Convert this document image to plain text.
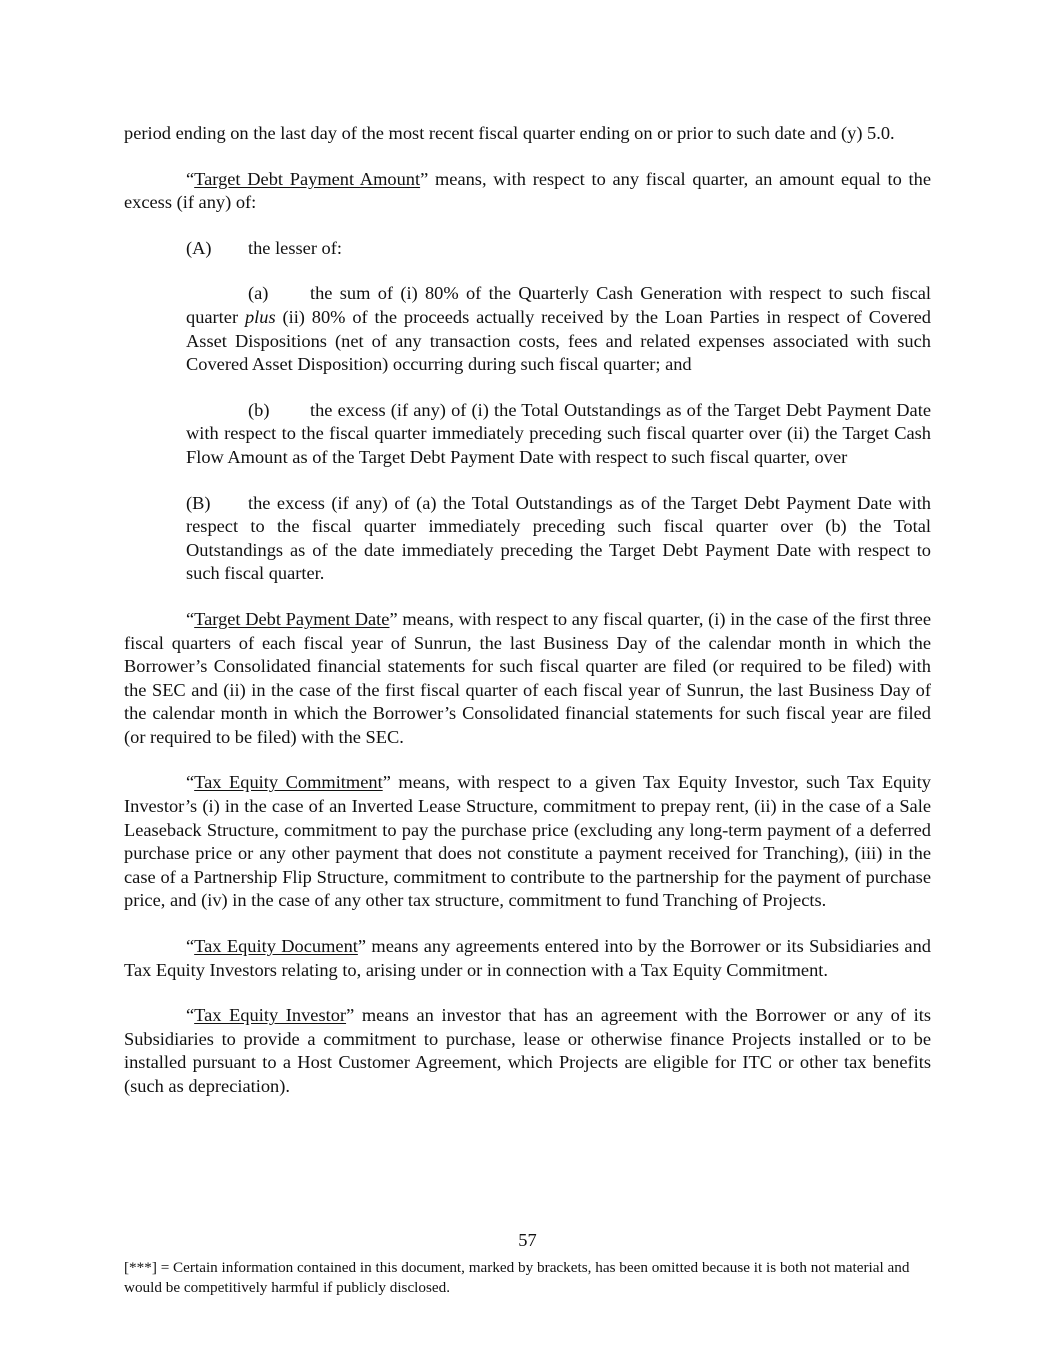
period ending on the last day of the most recent fiscal quarter ending on or prior to such date and (y) 5.0.

“Target Debt Payment Amount” means, with respect to any fiscal quarter, an amount equal to the excess (if any) of:

(A) the lesser of:

(a) the sum of (i) 80% of the Quarterly Cash Generation with respect to such fiscal quarter plus (ii) 80% of the proceeds actually received by the Loan Parties in respect of Covered Asset Dispositions (net of any transaction costs, fees and related expenses associated with such Covered Asset Disposition) occurring during such fiscal quarter; and

(b) the excess (if any) of (i) the Total Outstandings as of the Target Debt Payment Date with respect to the fiscal quarter immediately preceding such fiscal quarter over (ii) the Target Cash Flow Amount as of the Target Debt Payment Date with respect to such fiscal quarter, over

(B) the excess (if any) of (a) the Total Outstandings as of the Target Debt Payment Date with respect to the fiscal quarter immediately preceding such fiscal quarter over (b) the Total Outstandings as of the date immediately preceding the Target Debt Payment Date with respect to such fiscal quarter.

“Target Debt Payment Date” means, with respect to any fiscal quarter, (i) in the case of the first three fiscal quarters of each fiscal year of Sunrun, the last Business Day of the calendar month in which the Borrower’s Consolidated financial statements for such fiscal quarter are filed (or required to be filed) with the SEC and (ii) in the case of the first fiscal quarter of each fiscal year of Sunrun, the last Business Day of the calendar month in which the Borrower’s Consolidated financial statements for such fiscal year are filed (or required to be filed) with the SEC.

“Tax Equity Commitment” means, with respect to a given Tax Equity Investor, such Tax Equity Investor’s (i) in the case of an Inverted Lease Structure, commitment to prepay rent, (ii) in the case of a Sale Leaseback Structure, commitment to pay the purchase price (excluding any long-term payment of a deferred purchase price or any other payment that does not constitute a payment received for Tranching), (iii) in the case of a Partnership Flip Structure, commitment to contribute to the partnership for the payment of purchase price, and (iv) in the case of any other tax structure, commitment to fund Tranching of Projects.

“Tax Equity Document” means any agreements entered into by the Borrower or its Subsidiaries and Tax Equity Investors relating to, arising under or in connection with a Tax Equity Commitment.

“Tax Equity Investor” means an investor that has an agreement with the Borrower or any of its Subsidiaries to provide a commitment to purchase, lease or otherwise finance Projects installed or to be installed pursuant to a Host Customer Agreement, which Projects are eligible for ITC or other tax benefits (such as depreciation).

57
[***] = Certain information contained in this document, marked by brackets, has been omitted because it is both not material and would be competitively harmful if publicly disclosed.
